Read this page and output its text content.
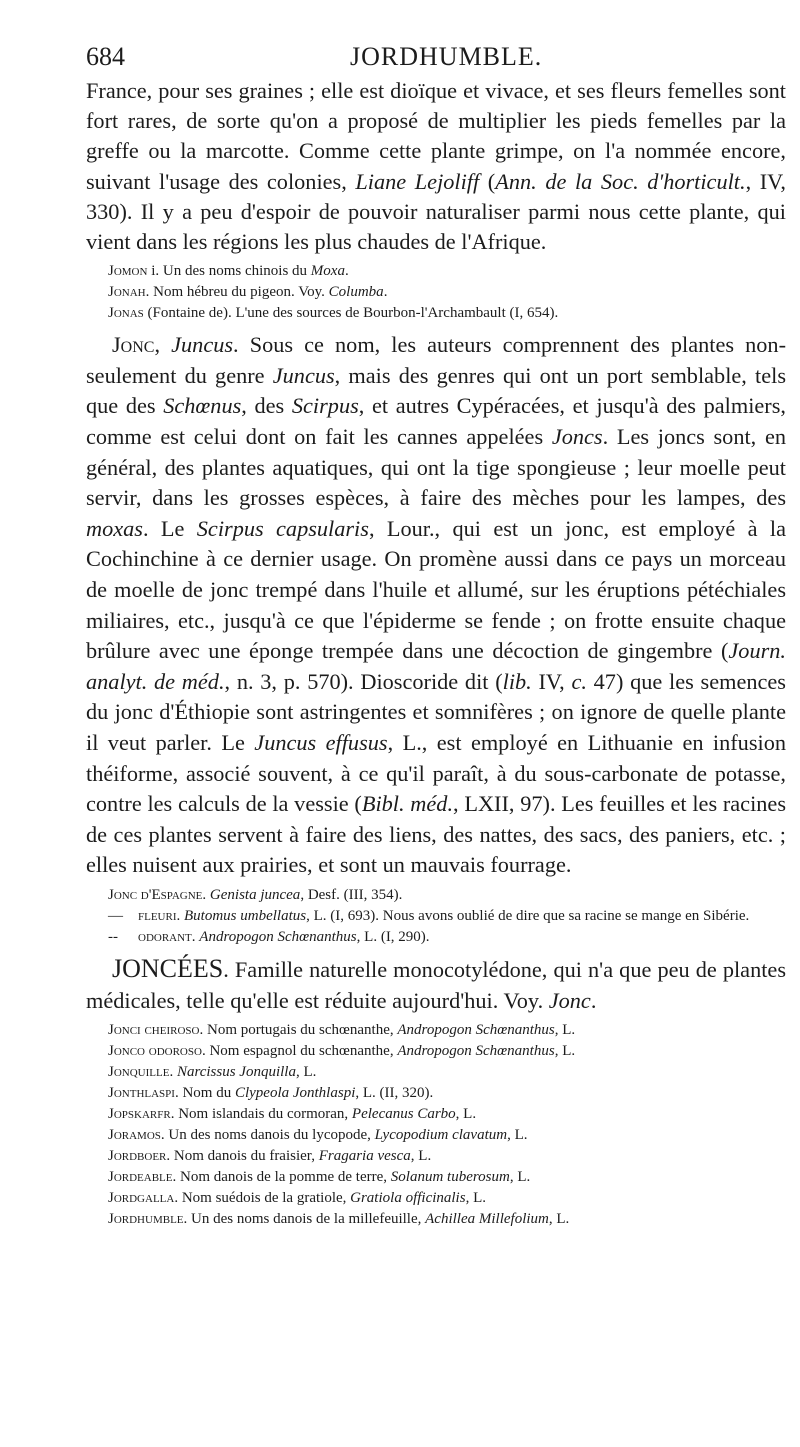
684	JORDHUMBLE.

France, pour ses graines ; elle est dioïque et vivace, et ses fleurs femelles sont fort rares, de sorte qu'on a proposé de multiplier les pieds femelles par la greffe ou la marcotte. Comme cette plante grimpe, on l'a nommée encore, suivant l'usage des colonies, Liane Lejoliff (Ann. de la Soc. d'horticult., IV, 330). Il y a peu d'espoir de pouvoir naturaliser parmi nous cette plante, qui vient dans les régions les plus chaudes de l'Afrique.

Jomon i. Un des noms chinois du Moxa.
Jonah. Nom hébreu du pigeon. Voy. Columba.
Jonas (Fontaine de). L'une des sources de Bourbon-l'Archambault (I, 654).

Jonc, Juncus. Sous ce nom, les auteurs comprennent des plantes non-seulement du genre Juncus, mais des genres qui ont un port semblable, tels que des Schœnus, des Scirpus, et autres Cypéracées, et jusqu'à des palmiers, comme est celui dont on fait les cannes appelées Joncs. Les joncs sont, en général, des plantes aquatiques, qui ont la tige spongieuse ; leur moelle peut servir, dans les grosses espèces, à faire des mèches pour les lampes, des moxas. Le Scirpus capsularis, Lour., qui est un jonc, est employé à la Cochinchine à ce dernier usage. On promène aussi dans ce pays un morceau de moelle de jonc trempé dans l'huile et allumé, sur les éruptions pétéchiales miliaires, etc., jusqu'à ce que l'épiderme se fende ; on frotte ensuite chaque brûlure avec une éponge trempée dans une décoction de gingembre (Journ. analyt. de méd., n. 3, p. 570). Dioscoride dit (lib. IV, c. 47) que les semences du jonc d'Éthiopie sont astringentes et somnifères ; on ignore de quelle plante il veut parler. Le Juncus effusus, L., est employé en Lithuanie en infusion théiforme, associé souvent, à ce qu'il paraît, à du sous-carbonate de potasse, contre les calculs de la vessie (Bibl. méd., LXII, 97). Les feuilles et les racines de ces plantes servent à faire des liens, des nattes, des sacs, des paniers, etc. ; elles nuisent aux prairies, et sont un mauvais fourrage.

Jonc d'Espagne. Genista juncea, Desf. (III, 354).
— fleuri. Butomus umbellatus, L. (I, 693). Nous avons oublié de dire que sa racine se mange en Sibérie.
-- odorant. Andropogon Schœnanthus, L. (I, 290).

JONCÉES. Famille naturelle monocotylédone, qui n'a que peu de plantes médicales, telle qu'elle est réduite aujourd'hui. Voy. Jonc.

Jonci cheiroso. Nom portugais du schœnanthe, Andropogon Schœnanthus, L.
Jonco odoroso. Nom espagnol du schœnanthe, Andropogon Schœnanthus, L.
Jonquille. Narcissus Jonquilla, L.
Jonthlaspi. Nom du Clypeola Jonthlaspi, L. (II, 320).
Jopskarfr. Nom islandais du cormoran, Pelecanus Carbo, L.
Joramos. Un des noms danois du lycopode, Lycopodium clavatum, L.
Jordboer. Nom danois du fraisier, Fragaria vesca, L.
Jordeable. Nom danois de la pomme de terre, Solanum tuberosum, L.
Jordgalla. Nom suédois de la gratiole, Gratiola officinalis, L.
Jordhumble. Un des noms danois de la millefeuille, Achillea Millefolium, L.
